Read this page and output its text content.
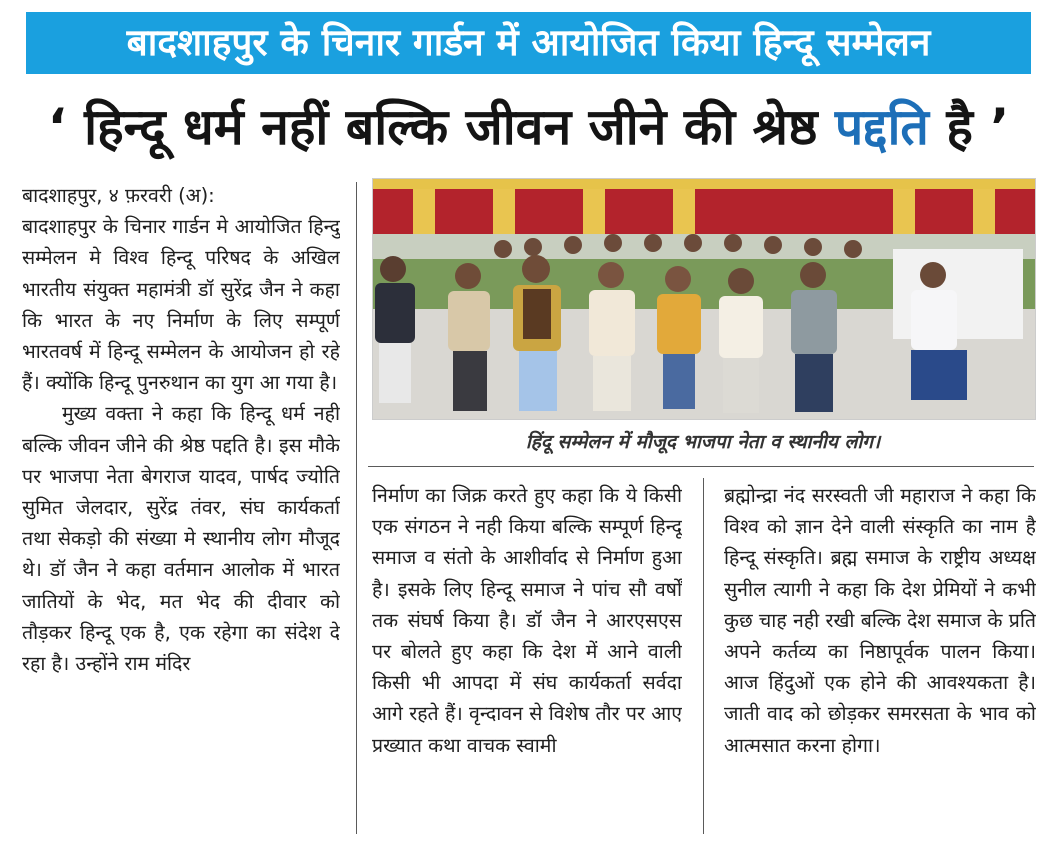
बादशाहपुर के चिनार गार्डन में आयोजित किया हिन्दू सम्मेलन
‘ हिन्दू धर्म नहीं बल्कि जीवन जीने की श्रेष्ठ पद्दति है ’

बादशाहपुर, ४ फ़रवरी (अ):

बादशाहपुर के चिनार गार्डन मे आयोजित हिन्दु सम्मेलन मे विश्व हिन्दू परिषद के अखिल भारतीय संयुक्त महामंत्री डॉ सुरेंद्र जैन ने कहा कि भारत के नए निर्माण के लिए सम्पूर्ण भारतवर्ष में हिन्दू सम्मेलन के आयोजन हो रहे हैं। क्योंकि हिन्दू पुनरुथान का युग आ गया है।

मुख्य वक्ता ने कहा कि हिन्दू धर्म नही बल्कि जीवन जीने की श्रेष्ठ पद्दति है। इस मौके पर भाजपा नेता बेगराज यादव, पार्षद ज्योति सुमित जेलदार, सुरेंद्र तंवर, संघ कार्यकर्ता तथा सेकड़ो की संख्या मे स्थानीय लोग मौजूद थे। डॉ जैन ने कहा वर्तमान आलोक में भारत जातियों के भेद, मत भेद की दीवार को तौड़कर हिन्दू एक है, एक रहेगा का संदेश दे रहा है। उन्होंने राम मंदिर

हिंदू सम्मेलन में मौजूद भाजपा नेता व स्थानीय लोग।

निर्माण का जिक्र करते हुए कहा कि ये किसी एक संगठन ने नही किया बल्कि सम्पूर्ण हिन्दू समाज व संतो के आशीर्वाद से निर्माण हुआ है। इसके लिए हिन्दू समाज ने पांच सौ वर्षों तक संघर्ष किया है। डॉ जैन ने आरएसएस पर बोलते हुए कहा कि देश में आने वाली किसी भी आपदा में संघ कार्यकर्ता सर्वदा आगे रहते हैं। वृन्दावन से विशेष तौर पर आए प्रख्यात कथा वाचक स्वामी

ब्रह्मोन्द्रा नंद सरस्वती जी महाराज ने कहा कि विश्व को ज्ञान देने वाली संस्कृति का नाम है हिन्दू संस्कृति। ब्रह्म समाज के राष्ट्रीय अध्यक्ष सुनील त्यागी ने कहा कि देश प्रेमियों ने कभी कुछ चाह नही रखी बल्कि देश समाज के प्रति अपने कर्तव्य का निष्ठापूर्वक पालन किया। आज हिंदुओं एक होने की आवश्यकता है। जाती वाद को छोड़कर समरसता के भाव को आत्मसात करना होगा।
